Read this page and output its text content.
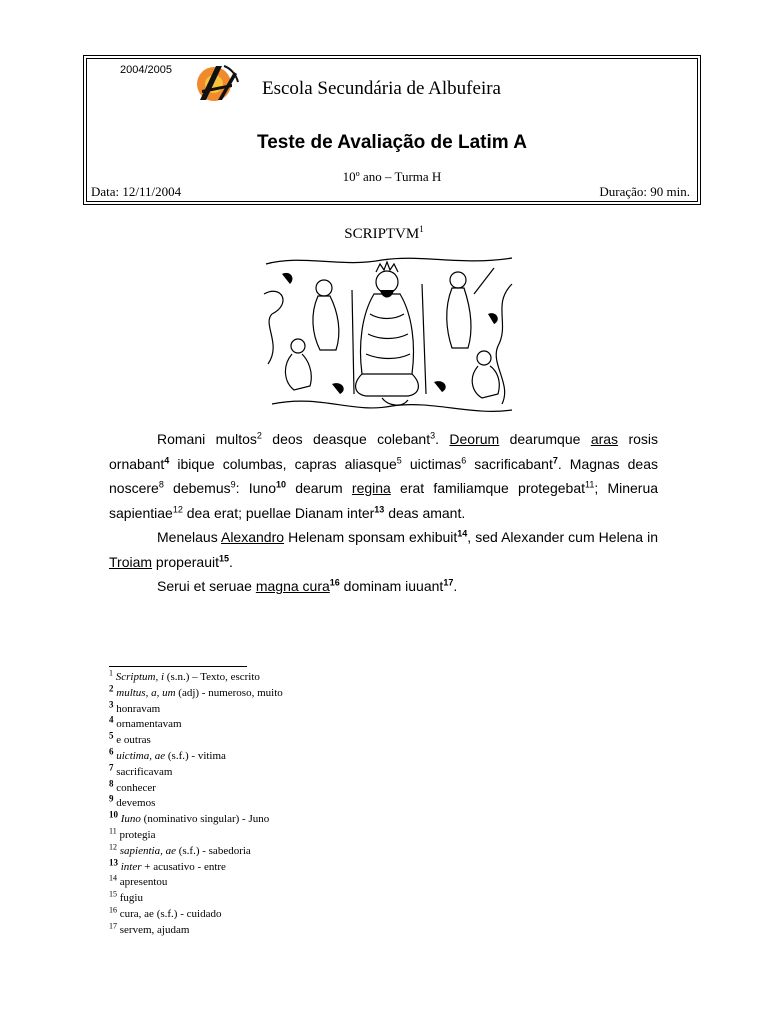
2004/2005
Escola Secundária de Albufeira
Teste de Avaliação de Latim A
10º ano – Turma H
Data: 12/11/2004	Duração: 90 min.
SCRIPTVM$^1$

Romani multos$^2$ deos deasque colebant$^3$. Deorum dearumque aras rosis ornabant$^4$ ibique columbas, capras aliasque$^5$ uictimas$^6$ sacrificabant$^7$. Magnas deas noscere$^8$ debemus$^9$: Iuno$^{10}$ dearum regina erat familiamque protegebat$^{11}$; Minerua sapientiae$^{12}$ dea erat; puellae Dianam inter$^{13}$ deas amant.

Menelaus Alexandro Helenam sponsam exhibuit$^{14}$, sed Alexander cum Helena in Troiam properauit$^{15}$.

Serui et seruae magna cura$^{16}$ dominam iuuant$^{17}$.

$^1$ Scriptum, i (s.n.) – Texto, escrito
$^2$ multus, a, um (adj) - numeroso, muito
$^3$ honravam
$^4$ ornamentavam
$^5$ e outras
$^6$ uictima, ae (s.f.) - vitima
$^7$ sacrificavam
$^8$ conhecer
$^9$ devemos
$^{10}$ Iuno (nominativo singular) - Juno
$^{11}$ protegia
$^{12}$ sapientia, ae (s.f.) - sabedoria
$^{13}$ inter + acusativo - entre
$^{14}$ apresentou
$^{15}$ fugiu
$^{16}$ cura, ae (s.f.) - cuidado
$^{17}$ servem, ajudam
